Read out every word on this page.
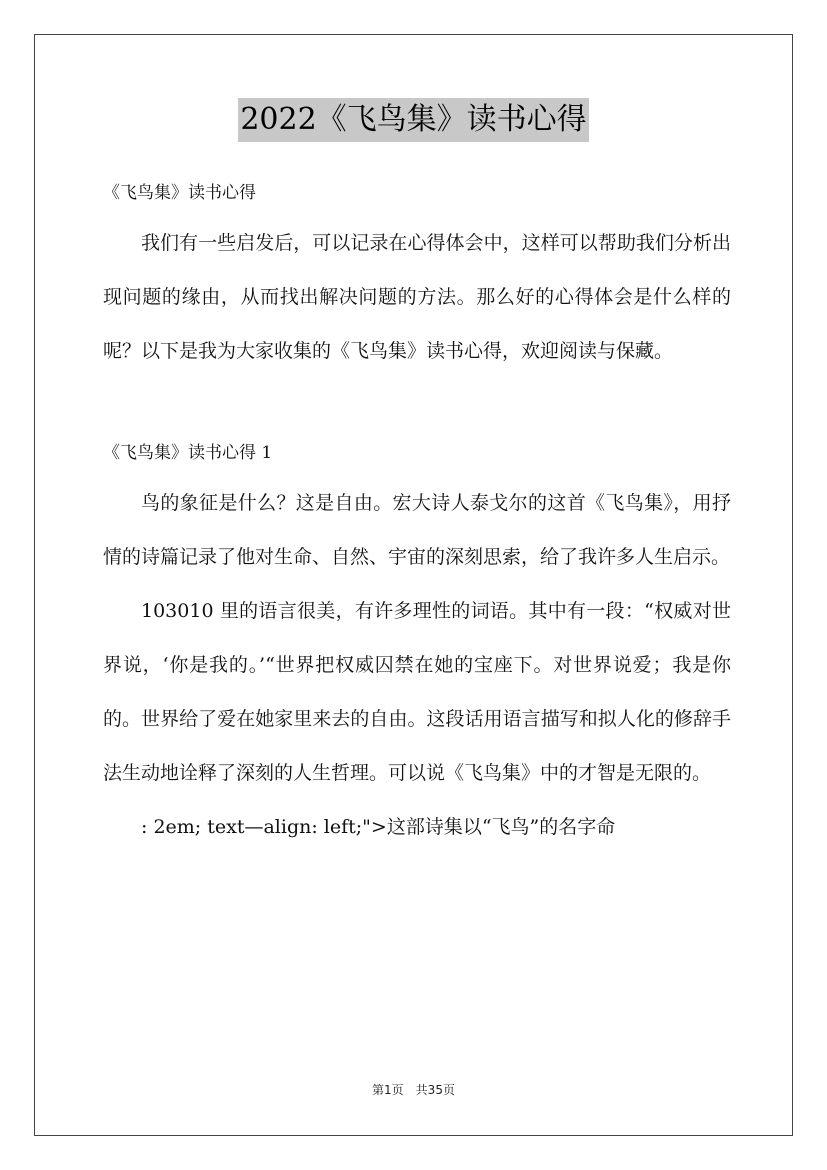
2022《飞鸟集》读书心得

《飞鸟集》读书心得

我们有一些启发后，可以记录在心得体会中，这样可以帮助我们分析出现问题的缘由，从而找出解决问题的方法。那么好的心得体会是什么样的呢？以下是我为大家收集的《飞鸟集》读书心得，欢迎阅读与保藏。

《飞鸟集》读书心得 1

鸟的象征是什么？这是自由。宏大诗人泰戈尔的这首《飞鸟集》，用抒情的诗篇记录了他对生命、自然、宇宙的深刻思索，给了我许多人生启示。

103010 里的语言很美，有许多理性的词语。其中有一段：“权威对世界说，‘你是我的。’“世界把权威囚禁在她的宝座下。对世界说爱；我是你的。世界给了爱在她家里来去的自由。这段话用语言描写和拟人化的修辞手法生动地诠释了深刻的人生哲理。可以说《飞鸟集》中的才智是无限的。

: 2em; text—align: left;">这部诗集以“飞鸟”的名字命

第1页　共35页
